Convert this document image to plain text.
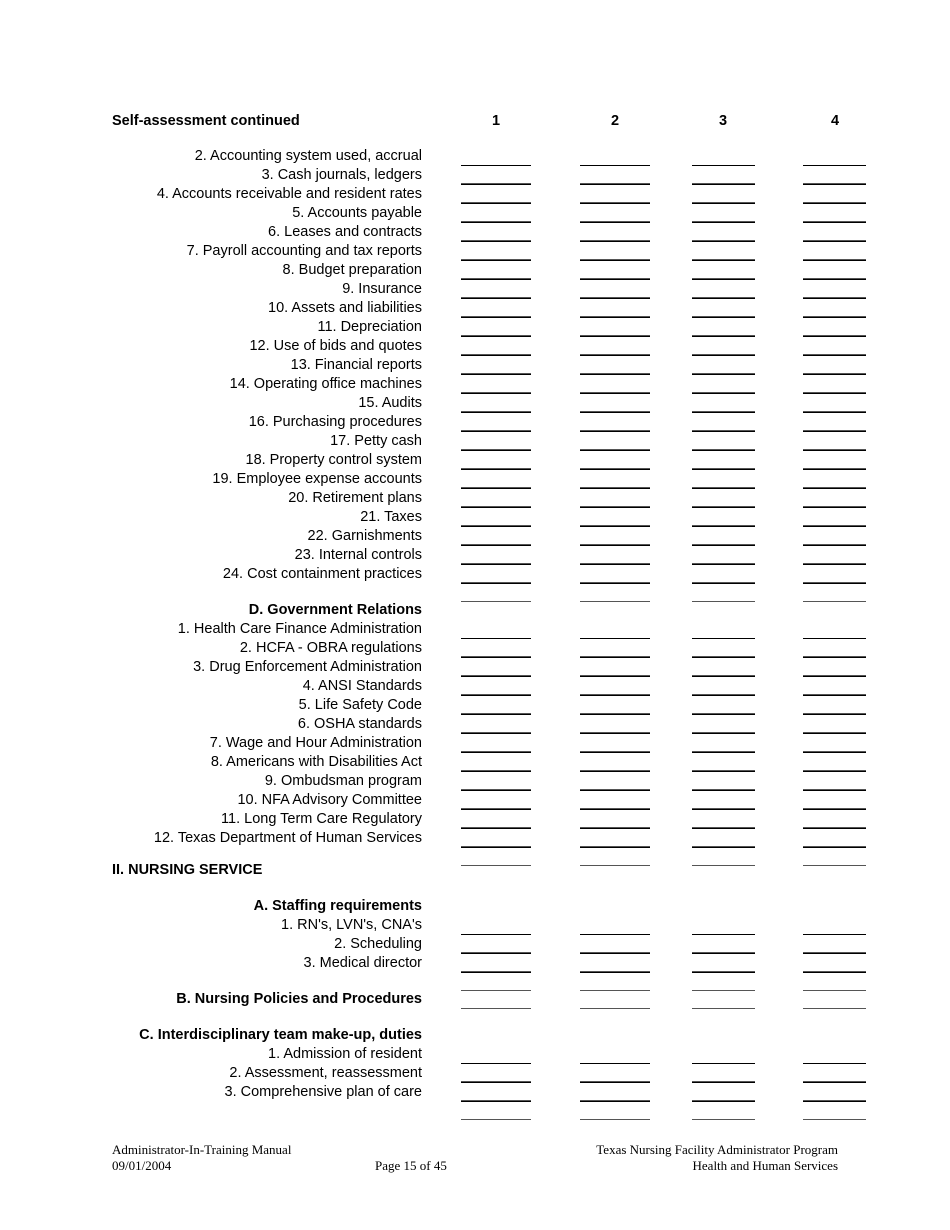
Self-assessment continued	1	2	3	4
2. Accounting system used, accrual
3. Cash journals, ledgers
4. Accounts receivable and resident rates
5. Accounts payable
6. Leases and contracts
7. Payroll accounting and tax reports
8. Budget preparation
9. Insurance
10. Assets and liabilities
11. Depreciation
12. Use of bids and quotes
13. Financial reports
14. Operating office machines
15. Audits
16. Purchasing procedures
17. Petty cash
18. Property control system
19. Employee expense accounts
20. Retirement plans
21. Taxes
22. Garnishments
23. Internal controls
24. Cost containment practices
D. Government Relations
1. Health Care Finance Administration
2. HCFA - OBRA regulations
3. Drug Enforcement Administration
4. ANSI Standards
5. Life Safety Code
6. OSHA standards
7. Wage and Hour Administration
8. Americans with Disabilities Act
9. Ombudsman program
10. NFA Advisory Committee
11. Long Term Care Regulatory
12. Texas Department of Human Services
II. NURSING SERVICE
A. Staffing requirements
1. RN's, LVN's, CNA's
2. Scheduling
3. Medical director
B. Nursing Policies and Procedures
C. Interdisciplinary team make-up, duties
1. Admission of resident
2. Assessment, reassessment
3. Comprehensive plan of care
Administrator-In-Training Manual
09/01/2004	Page 15 of 45
Texas Nursing Facility Administrator Program
Health and Human Services
